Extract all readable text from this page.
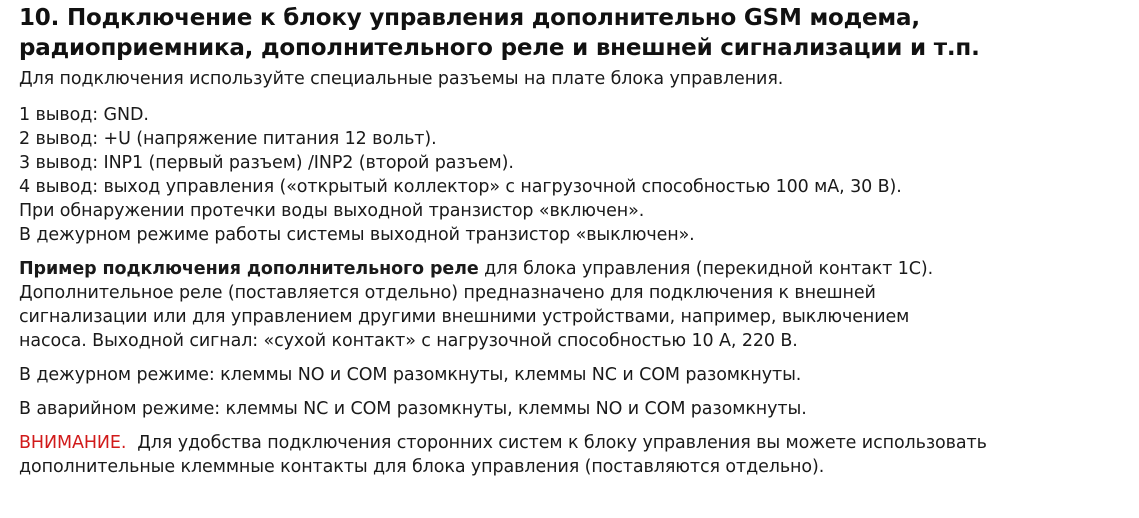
10. Подключение к блоку управления дополнительно GSM модема,
радиоприемника, дополнительного реле и внешней сигнализации и т.п.

Для подключения используйте специальные разъемы на плате блока управления.

1 вывод: GND.
2 вывод: +U (напряжение питания 12 вольт).
3 вывод: INP1 (первый разъем) /INP2 (второй разъем).
4 вывод: выход управления («открытый коллектор» с нагрузочной способностью 100 мА, 30 В).
При обнаружении протечки воды выходной транзистор «включен».
В дежурном режиме работы системы выходной транзистор «выключен».

Пример подключения дополнительного реле для блока управления (перекидной контакт 1С).
Дополнительное реле (поставляется отдельно) предназначено для подключения к внешней
сигнализации или для управлением другими внешними устройствами, например, выключением
насоса. Выходной сигнал: «сухой контакт» с нагрузочной способностью 10 А, 220 В.

В дежурном режиме: клеммы NO и COM разомкнуты, клеммы NC и COM разомкнуты.

В аварийном режиме: клеммы NC и COM разомкнуты, клеммы NO и COM разомкнуты.

ВНИМАНИЕ.  Для удобства подключения сторонних систем к блоку управления вы можете использовать
дополнительные клеммные контакты для блока управления (поставляются отдельно).
